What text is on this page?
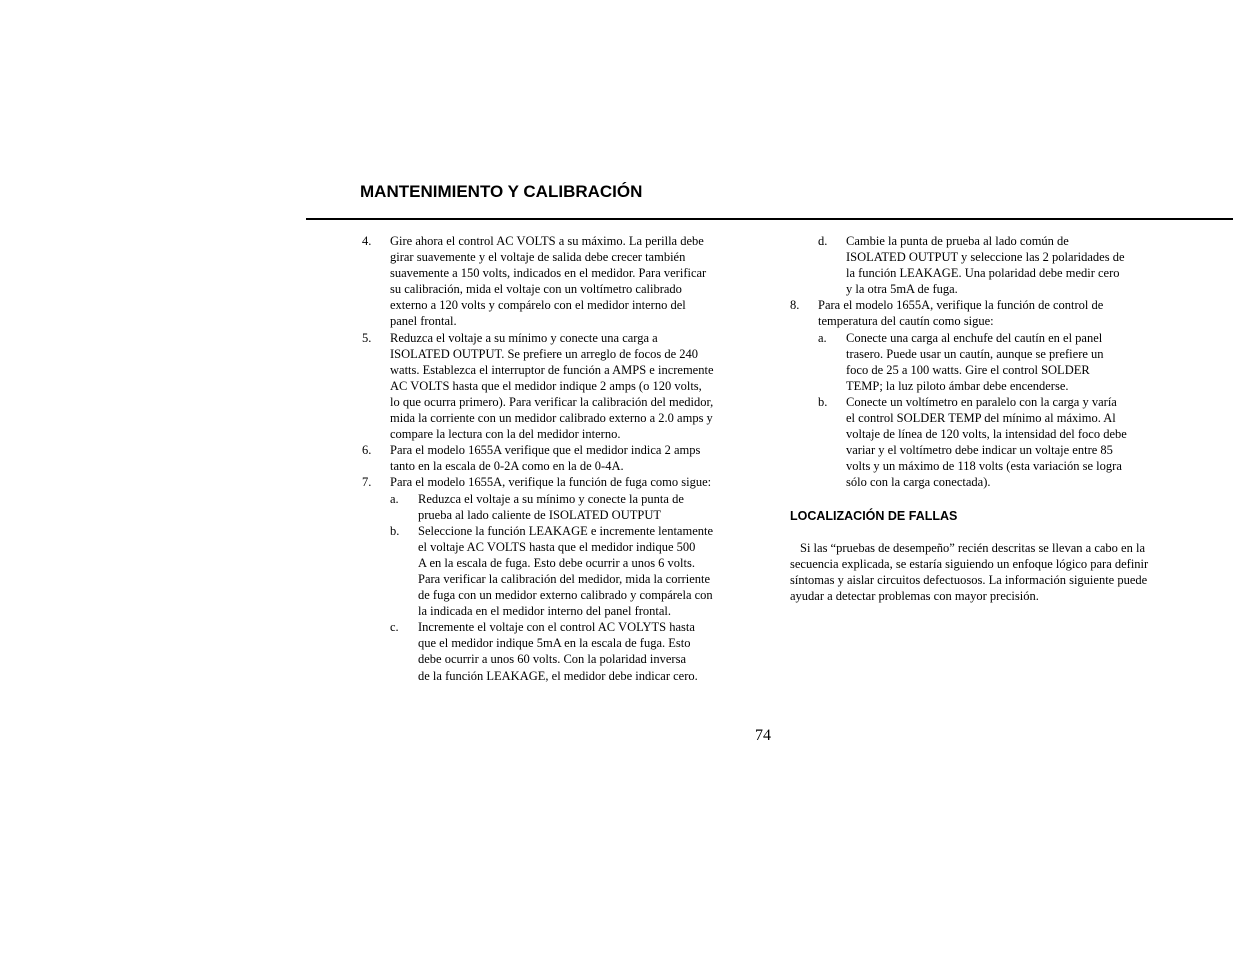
MANTENIMIENTO Y CALIBRACIÓN
4.	Gire ahora el control AC VOLTS a su máximo. La perilla debe
girar suavemente y el voltaje de salida debe crecer también
suavemente a 150 volts, indicados en el medidor. Para verificar
su calibración, mida el voltaje con un voltímetro calibrado
externo a 120 volts y compárelo con el medidor interno del
panel frontal.
5.	Reduzca el voltaje a su mínimo y conecte una carga a
ISOLATED OUTPUT. Se prefiere un arreglo de focos de 240
watts. Establezca el interruptor de función a AMPS e incremente
AC VOLTS hasta que el medidor indique 2 amps (o 120 volts,
lo que ocurra primero). Para verificar la calibración del medidor,
mida la corriente con un medidor calibrado externo a 2.0 amps y
compare la lectura con la del medidor interno.
6.	Para el modelo 1655A verifique que el medidor indica 2 amps
tanto en la escala de 0-2A como en la de 0-4A.
7.	Para el modelo 1655A, verifique la función de fuga como sigue:
a.	Reduzca el voltaje a su mínimo y conecte la punta de
prueba al lado caliente de ISOLATED OUTPUT
b.	Seleccione la función LEAKAGE e incremente lentamente
el voltaje AC VOLTS hasta que el medidor indique 500
A en la escala de fuga. Esto debe ocurrir a unos 6 volts.
Para verificar la calibración del medidor, mida la corriente
de fuga con un medidor externo calibrado y compárela con
la indicada en el medidor interno del panel frontal.
c.	Incremente el voltaje con el control AC VOLYTS hasta
que el medidor indique 5mA en la escala de fuga. Esto
debe ocurrir a unos 60 volts. Con la polaridad inversa
de la función LEAKAGE, el medidor debe indicar cero.
d.	Cambie la punta de prueba al lado común de
ISOLATED OUTPUT y seleccione las 2 polaridades de
la función LEAKAGE. Una polaridad debe medir cero
y la otra 5mA de fuga.
8.	Para el modelo 1655A, verifique la función de control de
temperatura del cautín como sigue:
a.	Conecte una carga al enchufe del cautín en el panel
trasero. Puede usar un cautín, aunque se prefiere un
foco de 25 a 100 watts. Gire el control SOLDER
TEMP; la luz piloto ámbar debe encenderse.
b.	Conecte un voltímetro en paralelo con la carga y varía
el control SOLDER TEMP del mínimo al máximo. Al
voltaje de línea de 120 volts, la intensidad del foco debe
variar y el voltímetro debe indicar un voltaje entre 85
volts y un máximo de 118 volts (esta variación se logra
sólo con la carga conectada).
LOCALIZACIÓN DE FALLAS
Si las “pruebas de desempeño” recién descritas se llevan a cabo en la
secuencia explicada, se estaría siguiendo un enfoque lógico para definir
síntomas y aislar circuitos defectuosos. La información siguiente puede
ayudar a detectar problemas con mayor precisión.
74
